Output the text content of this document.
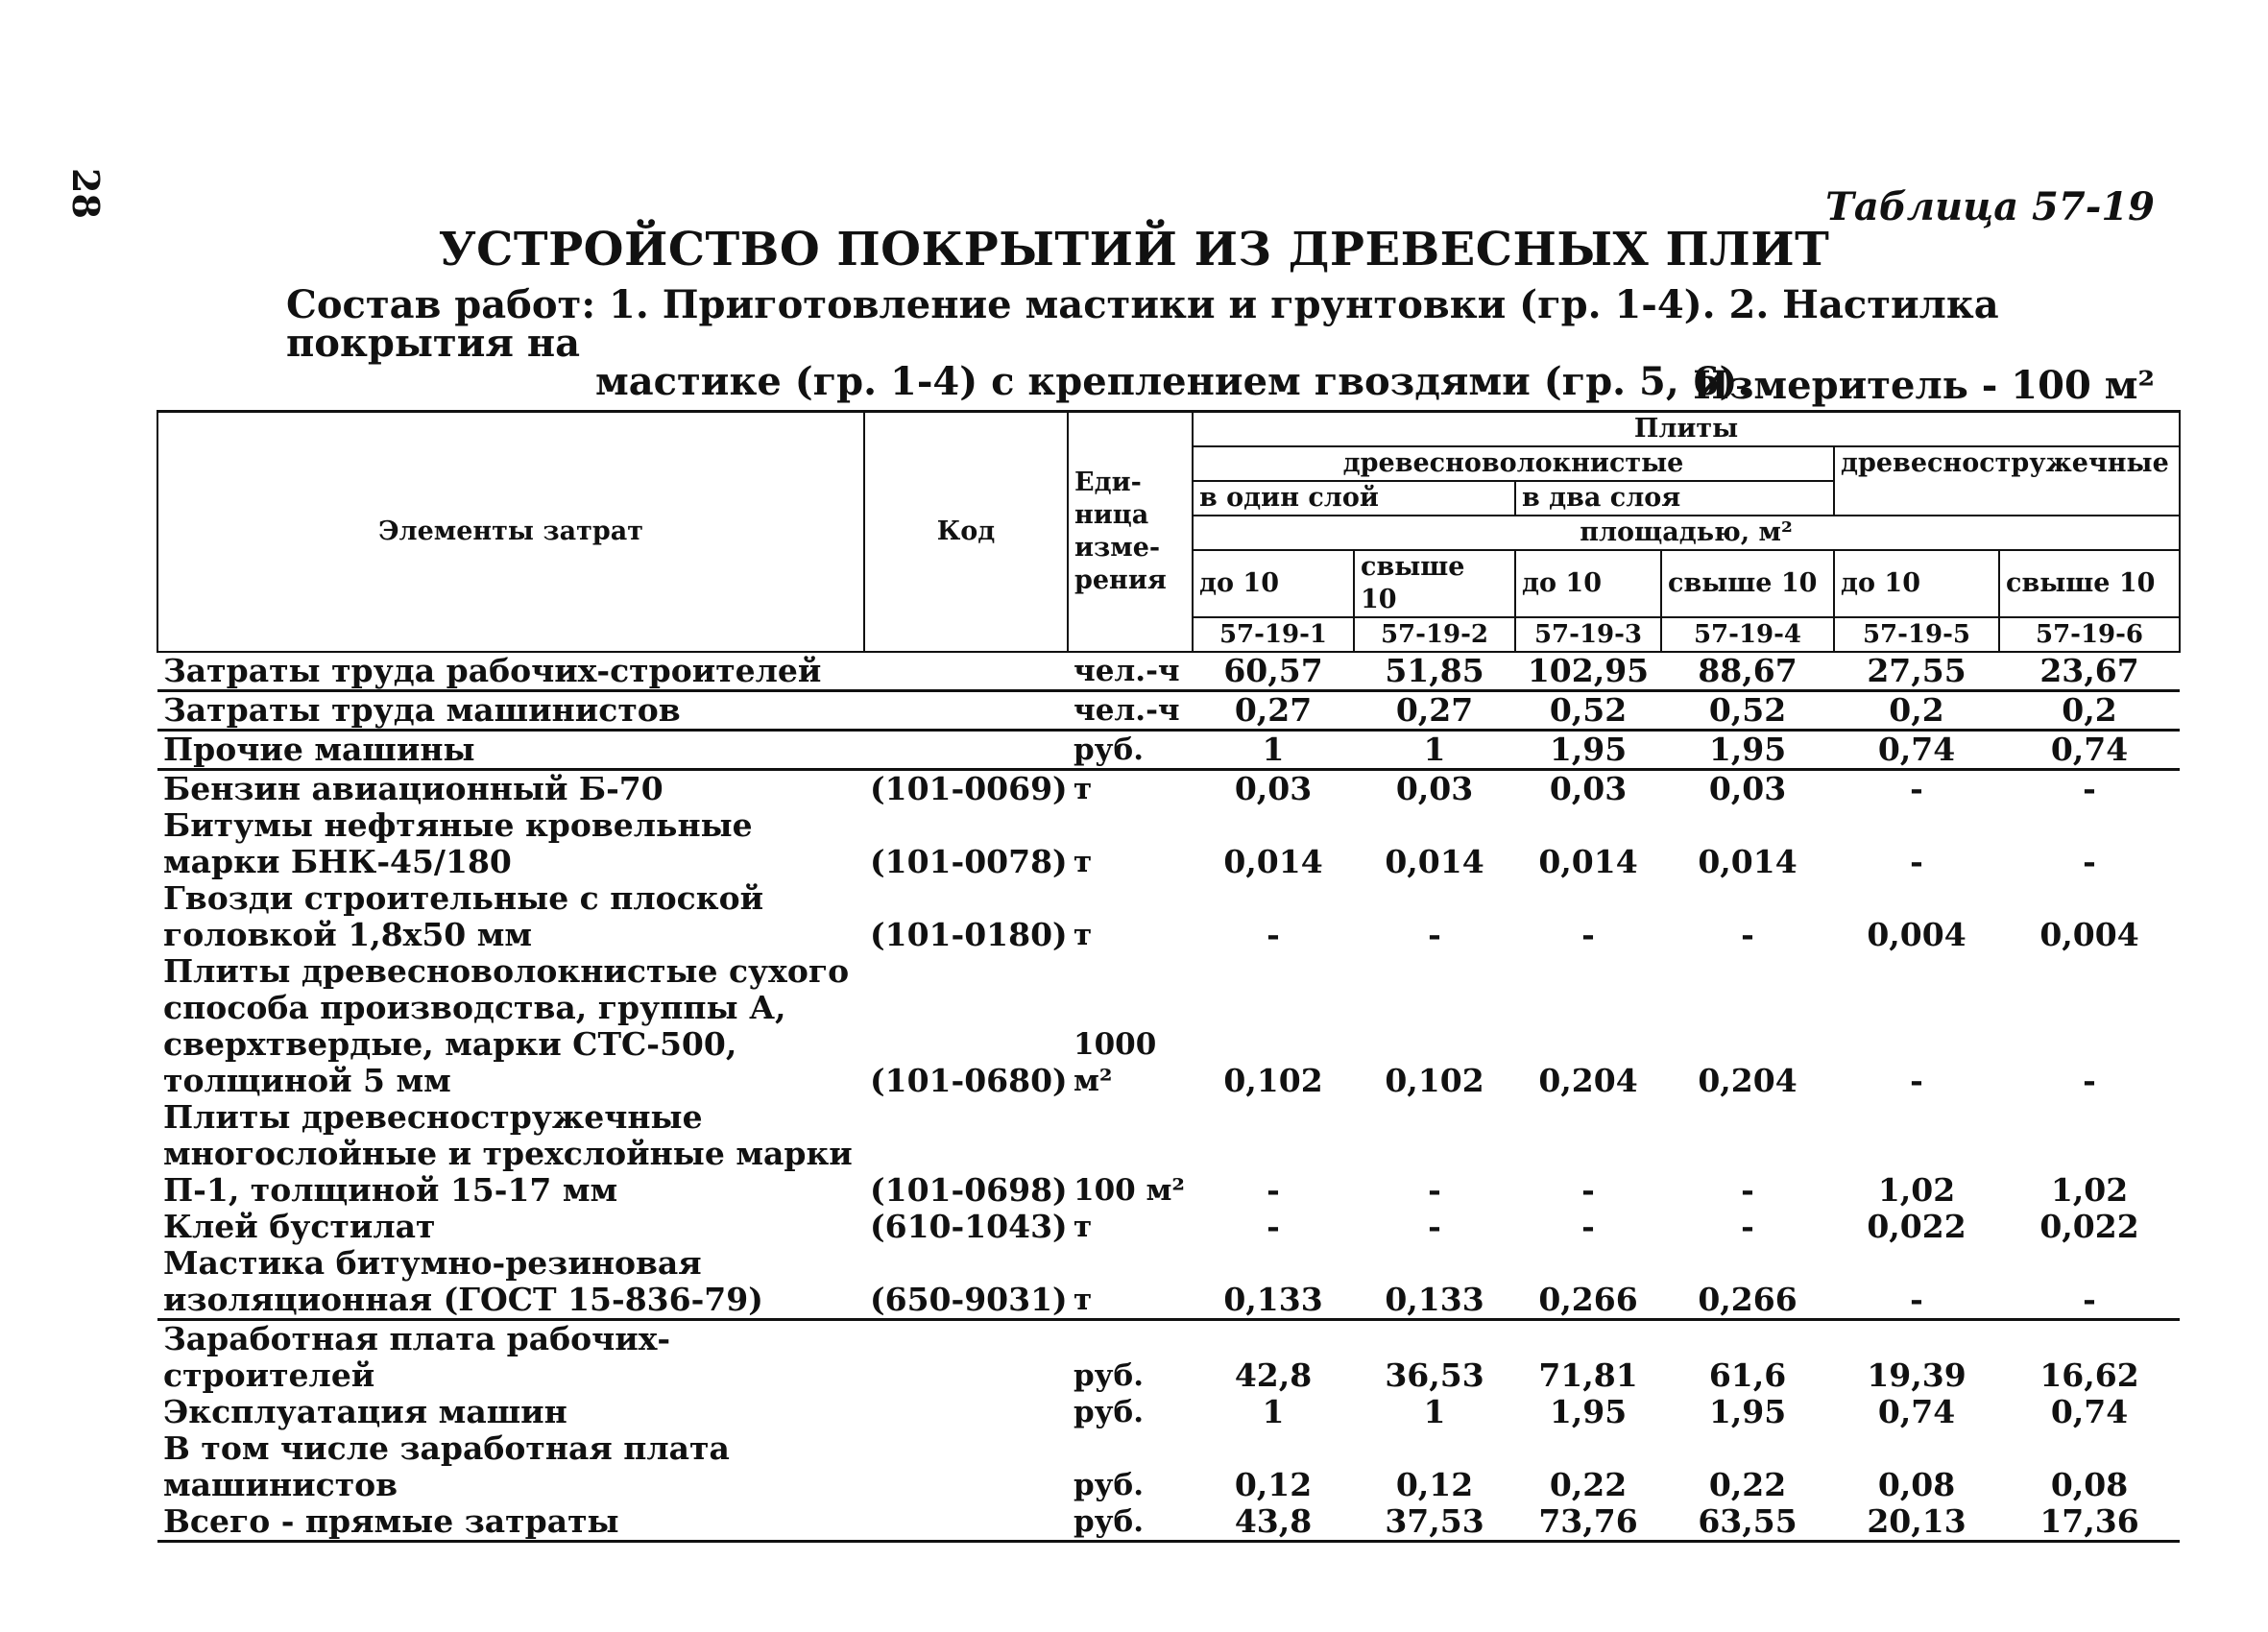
28	Таблица 57-19
УСТРОЙСТВО ПОКРЫТИЙ ИЗ ДРЕВЕСНЫХ ПЛИТ
Состав работ: 1. Приготовление мастики и грунтовки (гр. 1-4). 2. Настилка покрытия на
мастике (гр. 1-4) с креплением гвоздями (гр. 5, 6).
Измеритель - 100 м²
Элементы затрат	Код	Еди- ница изме- рения	Плиты					
			древесноволокнистые				древесностружечные	
			в один слой		в два слоя			
			площадью, м²					
			до 10	свыше 10	до 10	свыше 10	до 10	свыше 10
			57-19-1	57-19-2	57-19-3	57-19-4	57-19-5	57-19-6
Затраты труда рабочих-строителей		чел.-ч	60,57	51,85	102,95	88,67	27,55	23,67
Затраты труда машинистов		чел.-ч	0,27	0,27	0,52	0,52	0,2	0,2
Прочие машины		руб.	1	1	1,95	1,95	0,74	0,74
Бензин авиационный Б-70	(101-0069)	т	0,03	0,03	0,03	0,03	-	-
Битумы нефтяные кровельные марки БНК-45/180	(101-0078)	т	0,014	0,014	0,014	0,014	-	-
Гвозди строительные с плоской головкой 1,8х50 мм	(101-0180)	т	-	-	-	-	0,004	0,004
Плиты древесноволокнистые сухого способа производства, группы А, сверхтвердые, марки СТС-500, толщиной 5 мм	(101-0680)	1000 м²	0,102	0,102	0,204	0,204	-	-
Плиты древесностружечные многослойные и трехслойные марки П-1, толщиной 15-17 мм	(101-0698)	100 м²	-	-	-	-	1,02	1,02
Клей бустилат	(610-1043)	т	-	-	-	-	0,022	0,022
Мастика битумно-резиновая изоляционная (ГОСТ 15-836-79)	(650-9031)	т	0,133	0,133	0,266	0,266	-	-
Заработная плата рабочих-строителей		руб.	42,8	36,53	71,81	61,6	19,39	16,62
Эксплуатация машин		руб.	1	1	1,95	1,95	0,74	0,74
В том числе заработная плата машинистов		руб.	0,12	0,12	0,22	0,22	0,08	0,08
Всего - прямые затраты		руб.	43,8	37,53	73,76	63,55	20,13	17,36
